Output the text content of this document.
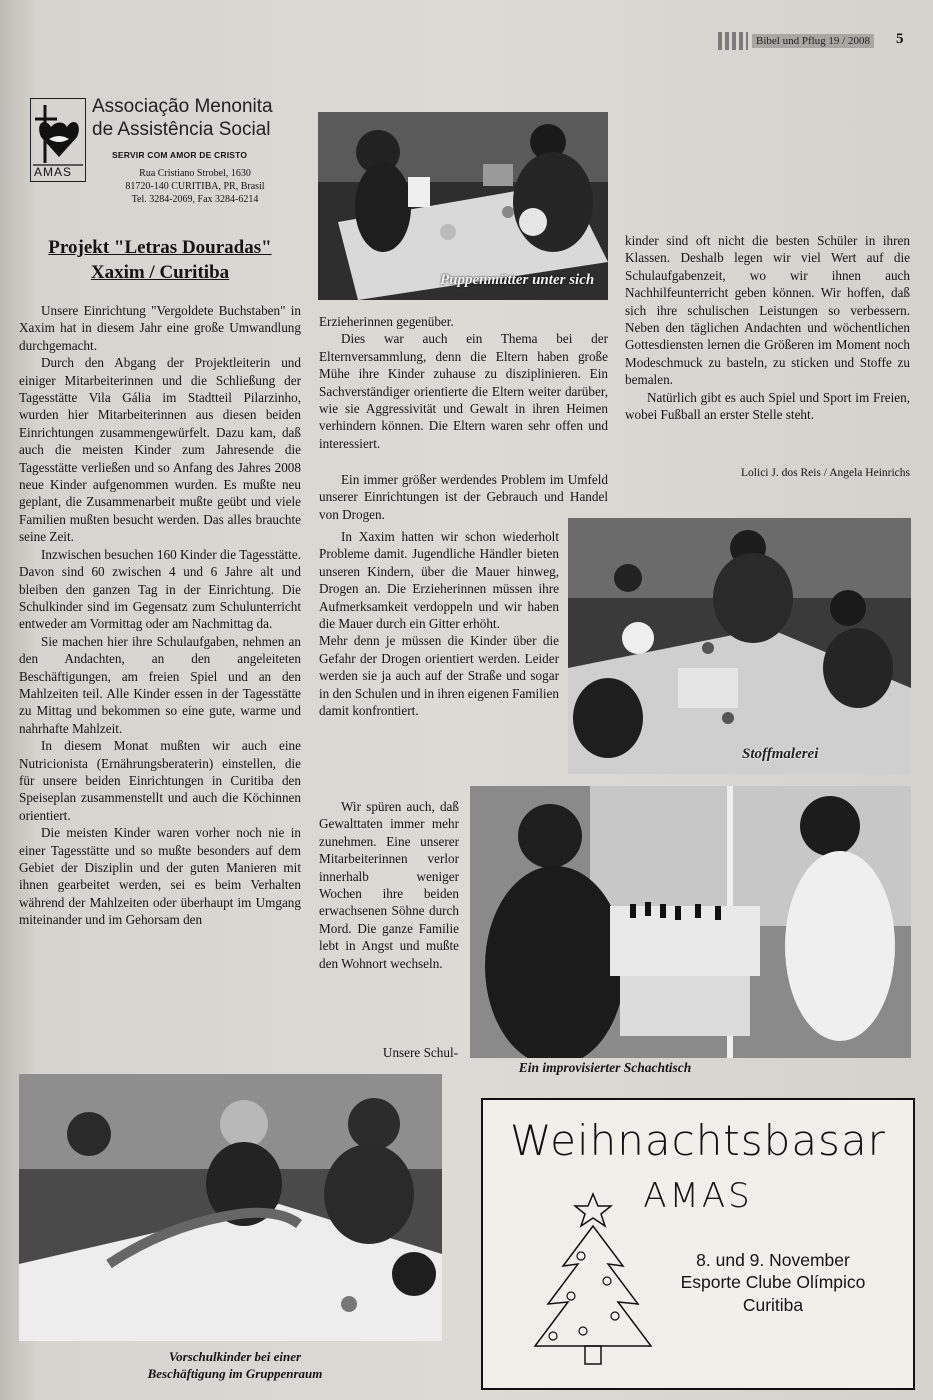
Bibel und Pflug 19 / 2008 5
AMAS
Associação Menonita
de Assistência Social
SERVIR COM AMOR DE CRISTO
Rua Cristiano Strobel, 1630
81720-140 CURITIBA, PR, Brasil
Tel. 3284-2069, Fax 3284-6214
Projekt "Letras Douradas"
Xaxim / Curitiba

Unsere Einrichtung "Vergoldete Buchstaben" in Xaxim hat in diesem Jahr eine große Umwandlung durchgemacht.

Durch den Abgang der Projektleiterin und einiger Mitarbeiterinnen und die Schließung der Tagesstätte Vila Gália im Stadtteil Pilarzinho, wurden hier Mitarbeiterinnen aus diesen beiden Einrichtungen zusammengewürfelt. Dazu kam, daß auch die meisten Kinder zum Jahresende die Tagesstätte verließen und so Anfang des Jahres 2008 neue Kinder aufgenommen wurden. Es mußte neu geplant, die Zusammenarbeit mußte geübt und viele Familien mußten besucht werden. Das alles brauchte seine Zeit.

Inzwischen besuchen 160 Kinder die Tagesstätte. Davon sind 60 zwischen 4 und 6 Jahre alt und bleiben den ganzen Tag in der Einrichtung. Die Schulkinder sind im Gegensatz zum Schulunterricht entweder am Vormittag oder am Nachmittag da.

Sie machen hier ihre Schulaufgaben, nehmen an den Andachten, an den angeleiteten Beschäftigungen, am freien Spiel und an den Mahlzeiten teil. Alle Kinder essen in der Tagesstätte zu Mittag und bekommen so eine gute, warme und nahrhafte Mahlzeit.

In diesem Monat mußten wir auch eine Nutricionista (Ernährungsberaterin) einstellen, die für unsere beiden Einrichtungen in Curitiba den Speiseplan zusammenstellt und auch die Köchinnen orientiert.

Die meisten Kinder waren vorher noch nie in einer Tagesstätte und so mußte besonders auf dem Gebiet der Disziplin und der guten Manieren mit ihnen gearbeitet werden, sei es beim Verhalten während der Mahlzeiten oder überhaupt im Umgang miteinander und im Gehorsam den

Puppenmütter unter sich

Erzieherinnen gegenüber.

Dies war auch ein Thema bei der Elternversammlung, denn die Eltern haben große Mühe ihre Kinder zuhause zu disziplinieren. Ein Sachverständiger orientierte die Eltern weiter darüber, wie sie Aggressivität und Gewalt in ihren Heimen verhindern können. Die Eltern waren sehr offen und interessiert.

Ein immer größer werdendes Problem im Umfeld unserer Einrichtungen ist der Gebrauch und Handel von Drogen.

In Xaxim hatten wir schon wiederholt Probleme damit. Jugendliche Händler bieten unseren Kindern, über die Mauer hinweg, Drogen an. Die Erzieherinnen müssen ihre Aufmerksamkeit verdoppeln und wir haben die Mauer durch ein Gitter erhöht.

Mehr denn je müssen die Kinder über die Gefahr der Drogen orientiert werden. Leider werden sie ja auch auf der Straße und sogar in den Schulen und in ihren eigenen Familien damit konfrontiert.

Wir spüren auch, daß Gewalttaten immer mehr zunehmen. Eine unserer Mitarbeiterinnen verlor innerhalb weniger Wochen ihre beiden erwachsenen Söhne durch Mord. Die ganze Familie lebt in Angst und mußte den Wohnort wechseln.

Unsere Schul-

kinder sind oft nicht die besten Schüler in ihren Klassen. Deshalb legen wir viel Wert auf die Schulaufgabenzeit, wo wir ihnen auch Nachhilfeunterricht geben können. Wir hoffen, daß sich ihre schulischen Leistungen so verbessern. Neben den täglichen Andachten und wöchentlichen Gottesdiensten lernen die Größeren im Moment noch Modeschmuck zu basteln, zu sticken und Stoffe zu bemalen.

Natürlich gibt es auch Spiel und Sport im Freien, wobei Fußball an erster Stelle steht.

Lolici J. dos Reis / Angela Heinrichs
Stoffmalerei
Ein improvisierter Schachtisch
Vorschulkinder bei einer
Beschäftigung im Gruppenraum
Weihnachtsbasar
AMAS
8. und 9. November
Esporte Clube Olímpico
Curitiba
